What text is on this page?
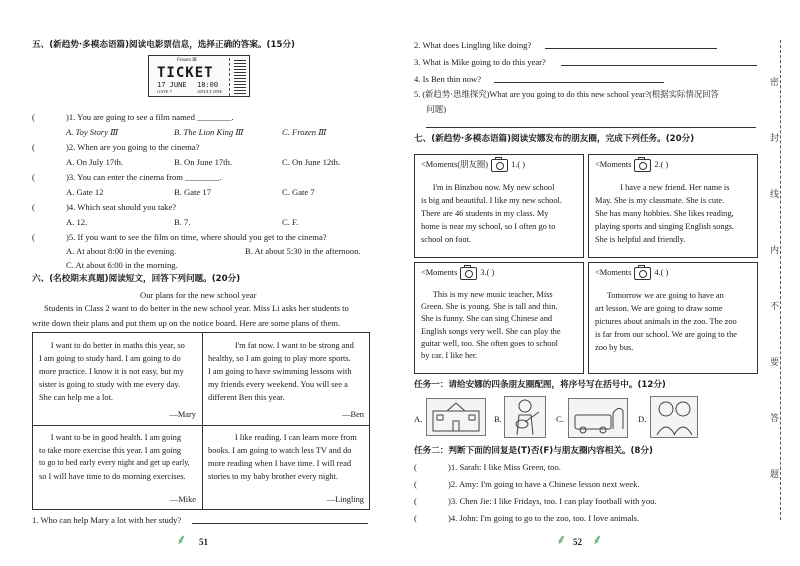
五、(新趋势·多模态语篇)阅读电影票信息，选择正确的答案。(15分)
Frozen Ⅲ
TICKET
17 JUNE 18:00
GATE 7	ADULT ONE
(	)1. You are going to see a film named ________.
A. Toy Story Ⅲ	B. The Lion King Ⅲ	C. Frozen Ⅲ
(	)2. When are you going to the cinema?
A. On July 17th.	B. On June 17th.	C. On June 12th.
(	)3. You can enter the cinema from ________.
A. Gate 12	B. Gate 17	C. Gate 7
(	)4. Which seat should you take?
A. 12.	B. 7.	C. F.
(	)5. If you want to see the film on time, where should you get to the cinema?
A. At about 8:00 in the evening.	B. At about 5:30 in the afternoon.
C. At about 6:00 in the morning.
六、(名校期末真题)阅读短文，回答下列问题。(20分)
Our plans for the new school year
Students in Class 2 want to do better in the new school year. Miss Li asks her students to
write down their plans and put them up on the notice board. Here are some plans of them.
I want to do better in maths this year, so
I am going to study hard. I am going to do
more practice. I know it is not easy, but my
sister is going to study with me every day.
She can help me a lot.
—Mary
I'm fat now. I want to be strong and
healthy, so I am going to play more sports.
I am going to have swimming lessons with
my friends every weekend. You will see a
different Ben this year.
—Ben
I want to be in good health. I am going
to take more exercise this year. I am going
to go to bed early every night and get up early,
so I will have time to do morning exercises.
—Mike
I like reading. I can learn more from
books. I am going to watch less TV and do
more reading when I have time. I will read
stories to my baby brother every night.
—Lingling
1. Who can help Mary a lot with her study?
⸙ 51
2. What does Lingling like doing?
3. What is Mike going to do this year?
4. Is Ben thin now?
5. (新趋势·思维探究)What are you going to do this new school year?(根据实际情况回答
问题)
七、(新趋势·多模态语篇)阅读安娜发布的朋友圈，完成下列任务。(20分)
<Moments(朋友圈)	1.( )
I'm in Binzhou now. My new school
is big and beautiful. I like my new school.
There are 46 students in my class. My
home is near my school, so I often go to
school on foot.
<Moments	2.( )
I have a new friend. Her name is
May. She is my classmate. She is cute.
She has many hobbies. She likes reading,
playing sports and singing English songs.
She is helpful and friendly.
<Moments	3.( )
This is my new music teacher, Miss
Green. She is young. She is tall and thin.
She is funny. She can sing Chinese and
English songs very well. She can play the
guitar well, too. She often goes to school
by car. I like her.
<Moments	4.( )
Tomorrow we are going to have an
art lesson. We are going to draw some
pictures about animals in the zoo. The zoo
is far from our school. We are going to the
zoo by bus.
任务一：请给安娜的四条朋友圈配图，将序号写在括号中。(12分)
A.	B.	C.	D.
任务二：判断下面的回复是(T)否(F)与朋友圈内容相关。(8分)
(	)1. Sarah: I like Miss Green, too.
(	)2. Amy: I'm going to have a Chinese lesson next week.
(	)3. Chen Jie: I like Fridays, too. I can play football with you.
(	)4. John: I'm going to go to the zoo, too. I love animals.
⸙ 52 ⸙
密
封
线
内
不
要
答
题
